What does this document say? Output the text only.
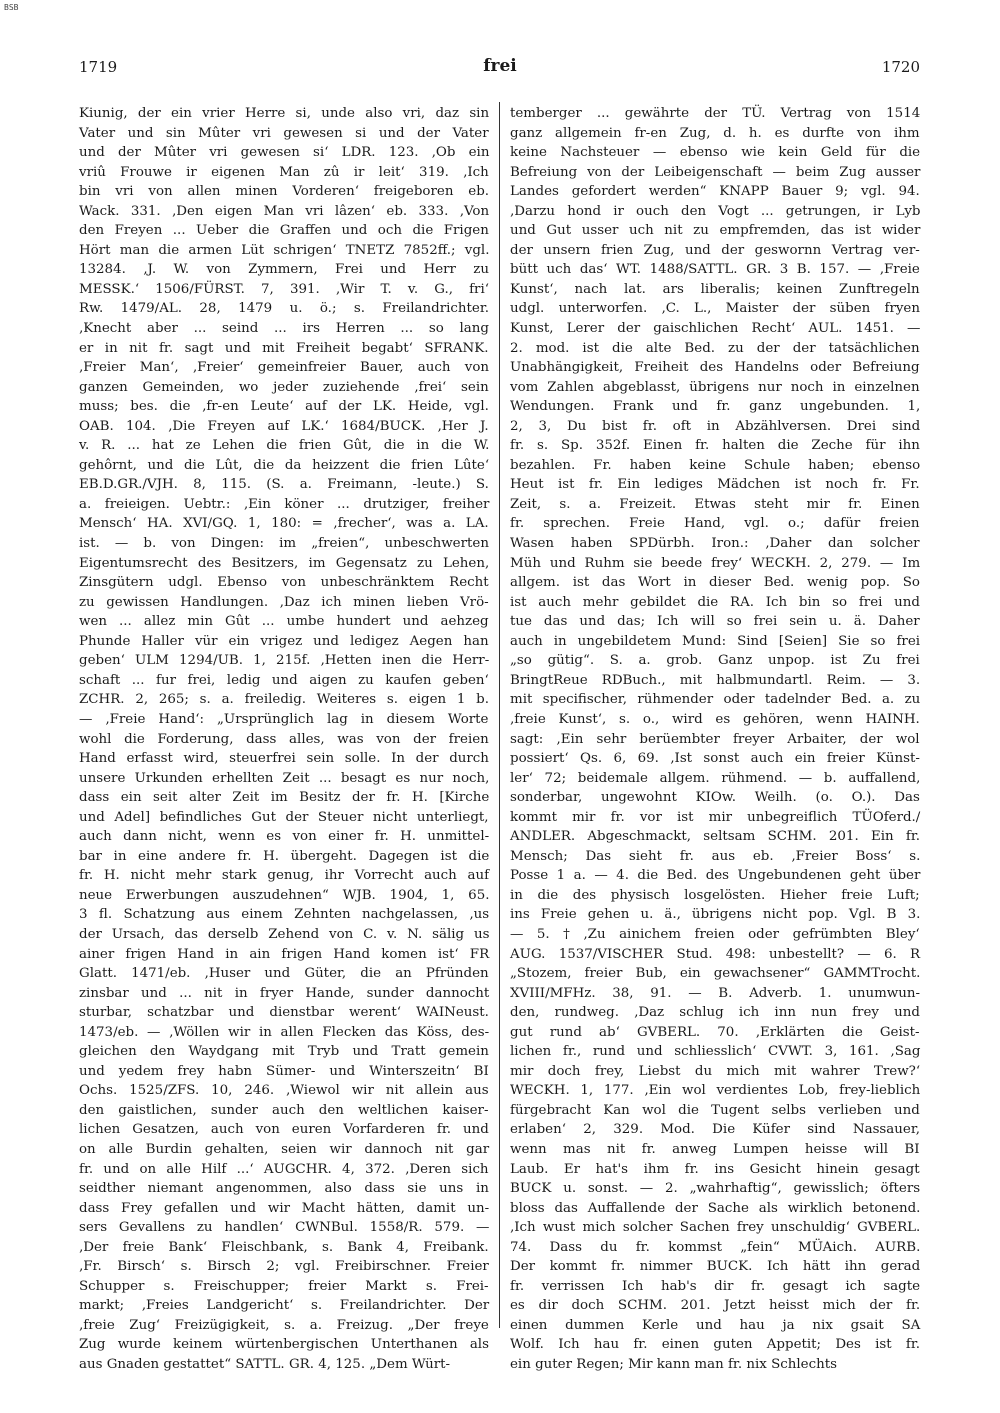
BSB
1719	frei	1720
Kiunig, der ein vrier Herre si, unde also vri, daz sin
Vater und sin Mûter vri gewesen si und der Vater
und der Mûter vri gewesen si‘ LDR. 123. ‚Ob ein
vriû Frouwe ir eigenen Man zû ir leit‘ 319. ‚Ich
bin vri von allen minen Vorderen‘ freigeboren eb.
Wack. 331. ‚Den eigen Man vri lâzen‘ eb. 333. ‚Von
den Freyen ... Ueber die Graffen und och die Frigen
Hört man die armen Lüt schrigen‘ TNETZ 7852ff.; vgl.
13284. ‚J. W. von Zymmern, Frei und Herr zu
MESSK.‘ 1506/FÜRST. 7, 391. ‚Wir T. v. G., fri‘
Rw. 1479/AL. 28, 1479 u. ö.; s. Freilandrichter.
‚Knecht aber ... seind ... irs Herren ... so lang
er in nit fr. sagt und mit Freiheit begabt‘ SFRANK.
‚Freier Man‘, ‚Freier‘ gemeinfreier Bauer, auch von
ganzen Gemeinden, wo jeder zuziehende ‚frei‘ sein
muss; bes. die ‚fr-en Leute‘ auf der LK. Heide, vgl.
OAB. 104. ‚Die Freyen auf LK.‘ 1684/BUCK. ‚Her J.
v. R. ... hat ze Lehen die frien Gût, die in die W.
gehôrnt, und die Lût, die da heizzent die frien Lûte‘
EB.D.GR./VJH. 8, 115. (S. a. Freimann, -leute.) S.
a. freieigen. Uebtr.: ‚Ein köner ... drutziger, freiher
Mensch‘ HA. XVI/GQ. 1, 180: = ‚frecher‘, was a. LA.
ist. — b. von Dingen: im „freien“, unbeschwerten
Eigentumsrecht des Besitzers, im Gegensatz zu Lehen,
Zinsgütern udgl. Ebenso von unbeschränktem Recht
zu gewissen Handlungen. ‚Daz ich minen lieben Vrö-
wen ... allez min Gût ... umbe hundert und aehzeg
Phunde Haller vür ein vrigez und ledigez Aegen han
geben‘ ULM 1294/UB. 1, 215f. ‚Hetten inen die Herr-
schaft ... fur frei, ledig und aigen zu kaufen geben‘
ZCHR. 2, 265; s. a. freiledig. Weiteres s. eigen 1 b.
— ‚Freie Hand‘: „Ursprünglich lag in diesem Worte
wohl die Forderung, dass alles, was von der freien
Hand erfasst wird, steuerfrei sein solle. In der durch
unsere Urkunden erhellten Zeit ... besagt es nur noch,
dass ein seit alter Zeit im Besitz der fr. H. [Kirche
und Adel] befindliches Gut der Steuer nicht unterliegt,
auch dann nicht, wenn es von einer fr. H. unmittel-
bar in eine andere fr. H. übergeht. Dagegen ist die
fr. H. nicht mehr stark genug, ihr Vorrecht auch auf
neue Erwerbungen auszudehnen“ WJB. 1904, 1, 65.
3 fl. Schatzung aus einem Zehnten nachgelassen, ‚us
der Ursach, das derselb Zehend von C. v. N. sälig us
ainer frigen Hand in ain frigen Hand komen ist‘ FR
Glatt. 1471/eb. ‚Huser und Güter, die an Pfründen
zinsbar und ... nit in fryer Hande, sunder dannocht
sturbar, schatzbar und dienstbar werent‘ WAINeust.
1473/eb. — ‚Wöllen wir in allen Flecken das Köss, des-
gleichen den Waydgang mit Tryb und Tratt gemein
und yedem frey habn Sümer- und Winterszeitn‘ BI
Ochs. 1525/ZFS. 10, 246. ‚Wiewol wir nit allein aus
den gaistlichen, sunder auch den weltlichen kaiser-
lichen Gesatzen, auch von euren Vorfarderen fr. und
on alle Burdin gehalten, seien wir dannoch nit gar
fr. und on alle Hilf ...‘ AUGCHR. 4, 372. ‚Deren sich
seidther niemant angenommen, also dass sie uns in
dass Frey gefallen und wir Macht hätten, damit un-
sers Gevallens zu handlen‘ CWNBul. 1558/R. 579. —
‚Der freie Bank‘ Fleischbank, s. Bank 4, Freibank.
‚Fr. Birsch‘ s. Birsch 2; vgl. Freibirschner. Freier
Schupper s. Freischupper; freier Markt s. Frei-
markt; ‚Freies Landgericht‘ s. Freilandrichter. Der
‚freie Zug‘ Freizügigkeit, s. a. Freizug. „Der freye
Zug wurde keinem würtenbergischen Unterthanen als
aus Gnaden gestattet“ SATTL. GR. 4, 125. „Dem Würt-
temberger ... gewährte der TÜ. Vertrag von 1514
ganz allgemein fr-en Zug, d. h. es durfte von ihm
keine Nachsteuer — ebenso wie kein Geld für die
Befreiung von der Leibeigenschaft — beim Zug ausser
Landes gefordert werden“ KNAPP Bauer 9; vgl. 94.
‚Darzu hond ir ouch den Vogt ... getrungen, ir Lyb
und Gut usser uch nit zu empfremden, das ist wider
der unsern frien Zug, und der geswornn Vertrag ver-
bütt uch das‘ WT. 1488/SATTL. GR. 3 B. 157. — ‚Freie
Kunst‘, nach lat. ars liberalis; keinen Zunftregeln
udgl. unterworfen. ‚C. L., Maister der süben fryen
Kunst, Lerer der gaischlichen Recht‘ AUL. 1451. —
2. mod. ist die alte Bed. zu der der tatsächlichen
Unabhängigkeit, Freiheit des Handelns oder Befreiung
vom Zahlen abgeblasst, übrigens nur noch in einzelnen
Wendungen. Frank und fr. ganz ungebunden. 1,
2, 3, Du bist fr. oft in Abzählversen. Drei sind
fr. s. Sp. 352f. Einen fr. halten die Zeche für ihn
bezahlen. Fr. haben keine Schule haben; ebenso
Heut ist fr. Ein lediges Mädchen ist noch fr. Fr.
Zeit, s. a. Freizeit. Etwas steht mir fr. Einen
fr. sprechen. Freie Hand, vgl. o.; dafür freien
Wasen haben SPDürbh. Iron.: ‚Daher dan solcher
Müh und Ruhm sie beede frey‘ WECKH. 2, 279. — Im
allgem. ist das Wort in dieser Bed. wenig pop. So
ist auch mehr gebildet die RA. Ich bin so frei und
tue das und das; Ich will so frei sein u. ä. Daher
auch in ungebildetem Mund: Sind [Seien] Sie so frei
„so gütig“. S. a. grob. Ganz unpop. ist Zu frei
BringtReue RDBuch., mit halbmundartl. Reim. — 3.
mit specifischer, rühmender oder tadelnder Bed. a. zu
‚freie Kunst‘, s. o., wird es gehören, wenn HAINH.
sagt: ‚Ein sehr berüembter freyer Arbaiter, der wol
possiert‘ Qs. 6, 69. ‚Ist sonst auch ein freier Künst-
ler‘ 72; beidemale allgem. rühmend. — b. auffallend,
sonderbar, ungewohnt KIOw. Weilh. (o. O.). Das
kommt mir fr. vor ist mir unbegreiflich TÜOferd./
ANDLER. Abgeschmackt, seltsam SCHM. 201. Ein fr.
Mensch; Das sieht fr. aus eb. ‚Freier Boss‘ s.
Posse 1 a. — 4. die Bed. des Ungebundenen geht über
in die des physisch losgelösten. Hieher freie Luft;
ins Freie gehen u. ä., übrigens nicht pop. Vgl. B 3.
— 5. † ‚Zu ainichem freien oder gefrümbten Bley‘
AUG. 1537/VISCHER Stud. 498: unbestellt? — 6. R
„Stozem, freier Bub, ein gewachsener“ GAMMTrocht.
XVIII/MFHz. 38, 91. — B. Adverb. 1. unumwun-
den, rundweg. ‚Daz schlug ich inn nun frey und
gut rund ab‘ GVBERL. 70. ‚Erklärten die Geist-
lichen fr., rund und schliesslich‘ CVWT. 3, 161. ‚Sag
mir doch frey, Liebst du mich mit wahrer Trew?‘
WECKH. 1, 177. ‚Ein wol verdientes Lob, frey-lieblich
fürgebracht Kan wol die Tugent selbs verlieben und
erlaben‘ 2, 329. Mod. Die Küfer sind Nassauer,
wenn mas nit fr. anweg Lumpen heisse will BI
Laub. Er hat's ihm fr. ins Gesicht hinein gesagt
BUCK u. sonst. — 2. „wahrhaftig“, gewisslich; öfters
bloss das Auffallende der Sache als wirklich betonend.
‚Ich wust mich solcher Sachen frey unschuldig‘ GVBERL.
74. Dass du fr. kommst „fein“ MÜAich. AURB.
Der kommt fr. nimmer BUCK. Ich hätt ihn gerad
fr. verrissen Ich hab's dir fr. gesagt ich sagte
es dir doch SCHM. 201. Jetzt heisst mich der fr.
einen dummen Kerle und hau ja nix gsait SA
Wolf. Ich hau fr. einen guten Appetit; Des ist fr.
ein guter Regen; Mir kann man fr. nix Schlechts
